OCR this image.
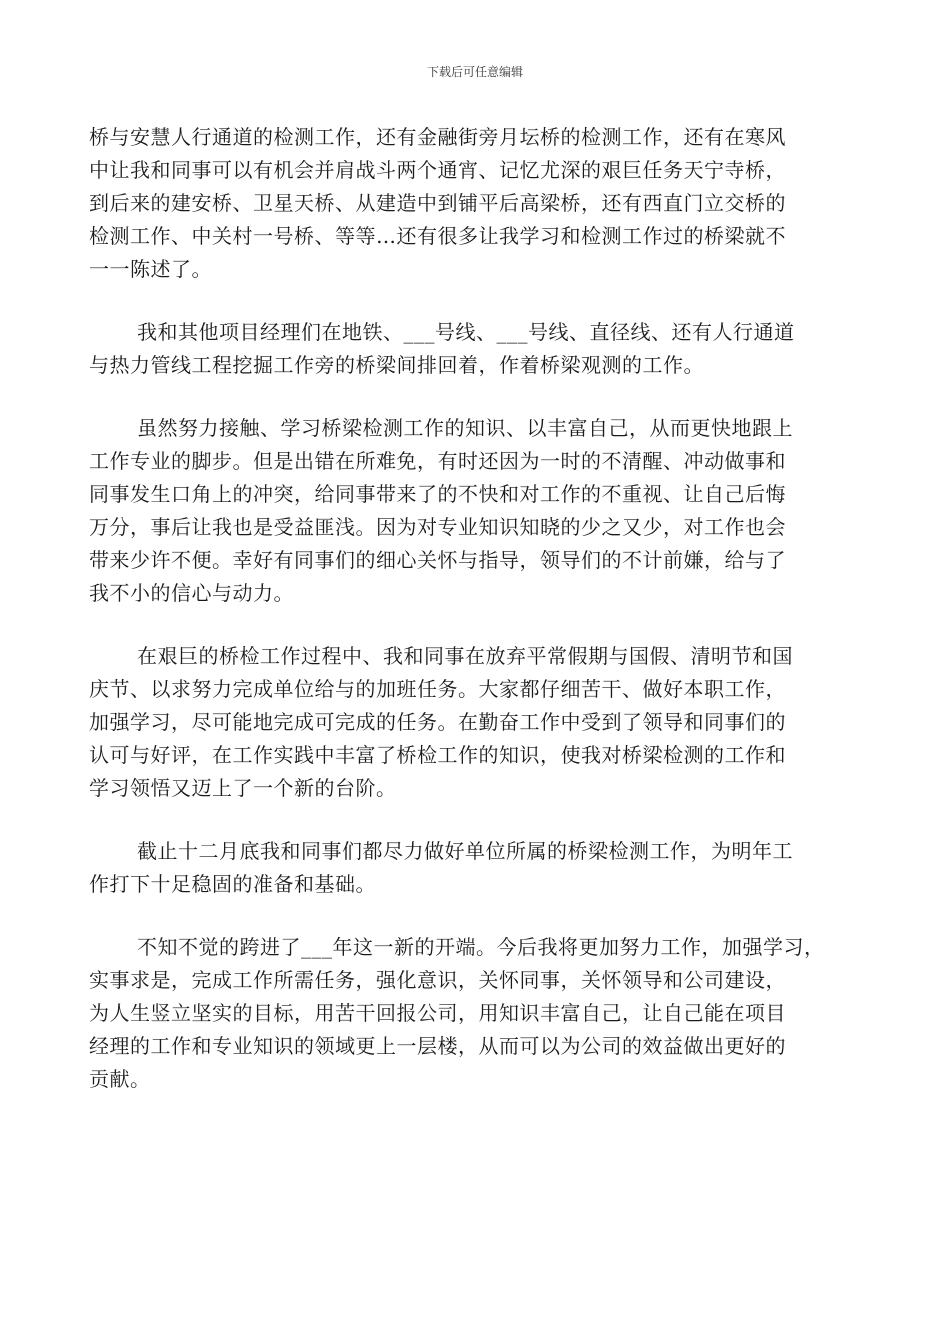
下载后可任意编辑

桥与安慧人行通道的检测工作，还有金融街旁月坛桥的检测工作，还有在寒风
中让我和同事可以有机会并肩战斗两个通宵、记忆尤深的艰巨任务天宁寺桥，
到后来的建安桥、卫星天桥、从建造中到铺平后高梁桥，还有西直门立交桥的
检测工作、中关村一号桥、等等…还有很多让我学习和检测工作过的桥梁就不
一一陈述了。

我和其他项目经理们在地铁、___号线、___号线、直径线、还有人行通道
与热力管线工程挖掘工作旁的桥梁间排回着，作着桥梁观测的工作。

虽然努力接触、学习桥梁检测工作的知识、以丰富自己，从而更快地跟上
工作专业的脚步。但是出错在所难免，有时还因为一时的不清醒、冲动做事和
同事发生口角上的冲突，给同事带来了的不快和对工作的不重视、让自己后悔
万分，事后让我也是受益匪浅。因为对专业知识知晓的少之又少，对工作也会
带来少许不便。幸好有同事们的细心关怀与指导，领导们的不计前嫌，给与了
我不小的信心与动力。

在艰巨的桥检工作过程中、我和同事在放弃平常假期与国假、清明节和国
庆节、以求努力完成单位给与的加班任务。大家都仔细苦干、做好本职工作，
加强学习，尽可能地完成可完成的任务。在勤奋工作中受到了领导和同事们的
认可与好评，在工作实践中丰富了桥检工作的知识，使我对桥梁检测的工作和
学习领悟又迈上了一个新的台阶。

截止十二月底我和同事们都尽力做好单位所属的桥梁检测工作，为明年工
作打下十足稳固的准备和基础。

不知不觉的跨进了___年这一新的开端。今后我将更加努力工作，加强学习，
实事求是，完成工作所需任务，强化意识，关怀同事，关怀领导和公司建设，
为人生竖立坚实的目标，用苦干回报公司，用知识丰富自己，让自己能在项目
经理的工作和专业知识的领域更上一层楼，从而可以为公司的效益做出更好的
贡献。
